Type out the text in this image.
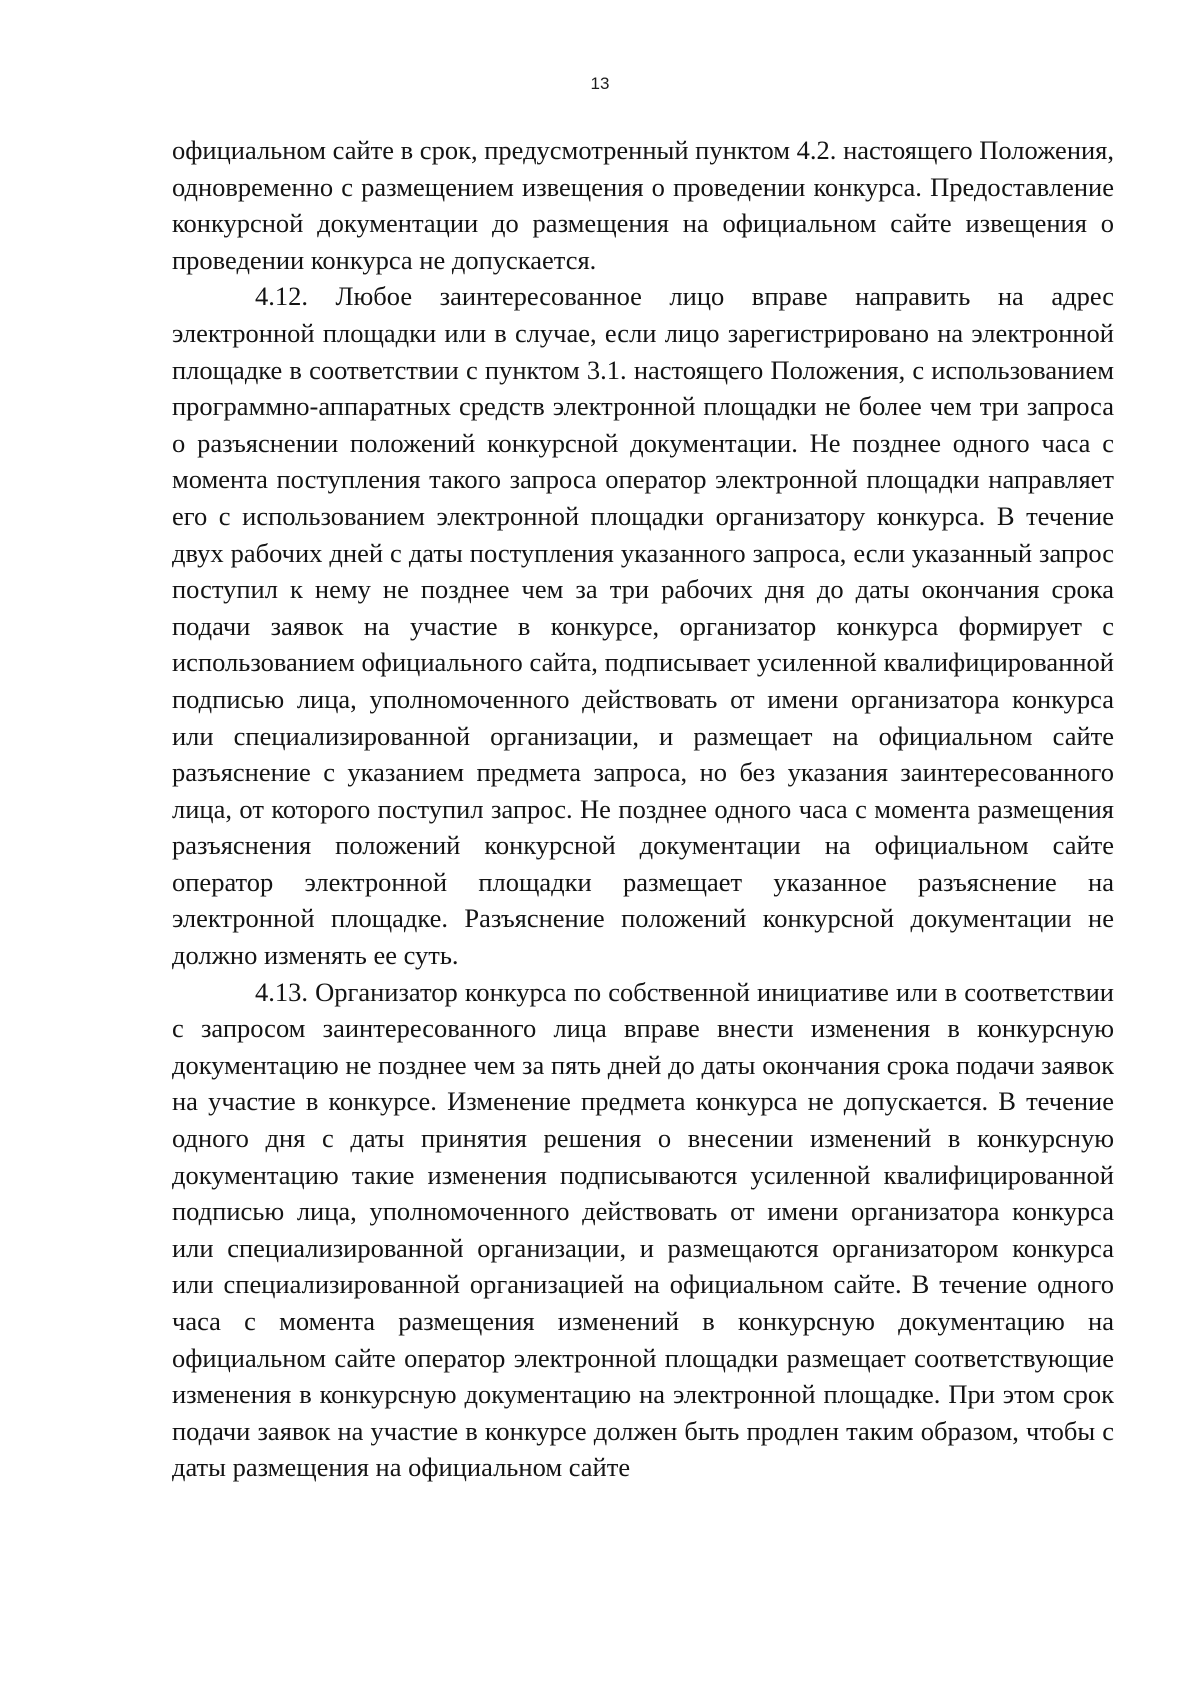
13

официальном сайте в срок, предусмотренный пунктом 4.2. настоящего Положения, одновременно с размещением извещения о проведении конкурса. Предоставление конкурсной документации до размещения на официальном сайте извещения о проведении конкурса не допускается.

4.12. Любое заинтересованное лицо вправе направить на адрес электронной площадки или в случае, если лицо зарегистрировано на электронной площадке в соответствии с пунктом 3.1. настоящего Положения, с использованием программно-аппаратных средств электронной площадки не более чем три запроса о разъяснении положений конкурсной документации. Не позднее одного часа с момента поступления такого запроса оператор электронной площадки направляет его с использованием электронной площадки организатору конкурса. В течение двух рабочих дней с даты поступления указанного запроса, если указанный запрос поступил к нему не позднее чем за три рабочих дня до даты окончания срока подачи заявок на участие в конкурсе, организатор конкурса формирует с использованием официального сайта, подписывает усиленной квалифицированной подписью лица, уполномоченного действовать от имени организатора конкурса или специализированной организации, и размещает на официальном сайте разъяснение с указанием предмета запроса, но без указания заинтересованного лица, от которого поступил запрос. Не позднее одного часа с момента размещения разъяснения положений конкурсной документации на официальном сайте оператор электронной площадки размещает указанное разъяснение на электронной площадке. Разъяснение положений конкурсной документации не должно изменять ее суть.

4.13. Организатор конкурса по собственной инициативе или в соответствии с запросом заинтересованного лица вправе внести изменения в конкурсную документацию не позднее чем за пять дней до даты окончания срока подачи заявок на участие в конкурсе. Изменение предмета конкурса не допускается. В течение одного дня с даты принятия решения о внесении изменений в конкурсную документацию такие изменения подписываются усиленной квалифицированной подписью лица, уполномоченного действовать от имени организатора конкурса или специализированной организации, и размещаются организатором конкурса или специализированной организацией на официальном сайте. В течение одного часа с момента размещения изменений в конкурсную документацию на официальном сайте оператор электронной площадки размещает соответствующие изменения в конкурсную документацию на электронной площадке. При этом срок подачи заявок на участие в конкурсе должен быть продлен таким образом, чтобы с даты размещения на официальном сайте
